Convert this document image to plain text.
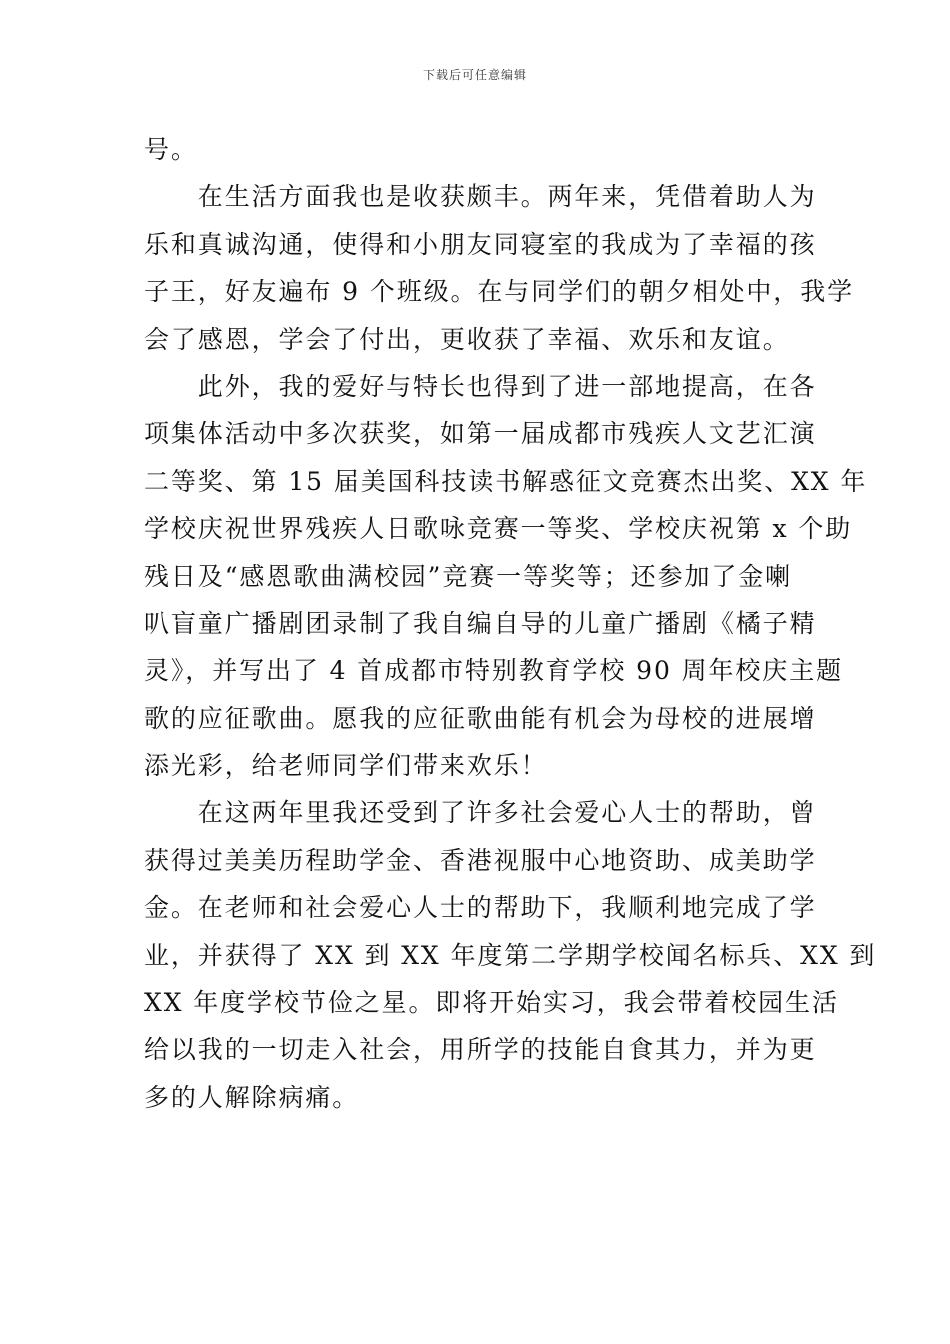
下载后可任意编辑
号。
　　在生活方面我也是收获颇丰。两年来，凭借着助人为
乐和真诚沟通，使得和小朋友同寝室的我成为了幸福的孩
子王，好友遍布 9 个班级。在与同学们的朝夕相处中，我学
会了感恩，学会了付出，更收获了幸福、欢乐和友谊。
　　此外，我的爱好与特长也得到了进一部地提高，在各
项集体活动中多次获奖，如第一届成都市残疾人文艺汇演
二等奖、第 15 届美国科技读书解惑征文竞赛杰出奖、XX 年
学校庆祝世界残疾人日歌咏竞赛一等奖、学校庆祝第 x 个助
残日及“感恩歌曲满校园”竞赛一等奖等；还参加了金喇
叭盲童广播剧团录制了我自编自导的儿童广播剧《橘子精
灵》，并写出了 4 首成都市特别教育学校 90 周年校庆主题
歌的应征歌曲。愿我的应征歌曲能有机会为母校的进展增
添光彩，给老师同学们带来欢乐！
　　在这两年里我还受到了许多社会爱心人士的帮助，曾
获得过美美历程助学金、香港视服中心地资助、成美助学
金。在老师和社会爱心人士的帮助下，我顺利地完成了学
业，并获得了 XX 到 XX 年度第二学期学校闻名标兵、XX 到
XX 年度学校节俭之星。即将开始实习，我会带着校园生活
给以我的一切走入社会，用所学的技能自食其力，并为更
多的人解除病痛。
